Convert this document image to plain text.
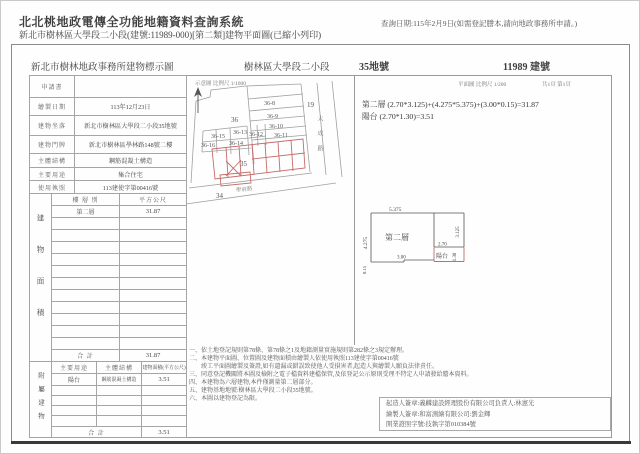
北北桃地政電傳全功能地籍資料查詢系統	查詢日期:115年2月9日(如需登記謄本,請向地政事務所申請。)
新北市樹林區大學段二小段(建號:11989-000)[第二類]建物平面圖(已縮小列印)
新北市樹林地政事務所建物標示圖	樹林區大學段二小段	35地號	11989 建號
示意圖 比例尺 1/1000	平面圖 比例尺 1/200	共1頁 第1頁
申請書	
繪製日期	113年12月23日
建物坐落	新北市樹林區大學段二小段35地號
建物門牌	新北市樹林區學林路148號二樓
主體結構	鋼筋混凝土構造
主要用途	集合住宅
使用執照	113建使字第00416號
建物面積	樓 層 別	平方公尺
	第二層	31.87

	合 計	31.87
附屬建物	主要用途	主體結構	建物面積(平方公尺)
	陽台	鋼筋混凝土構造	3.51

	合 計		3.51
19
36
36-8
36-9
36-10
36-11
36-12
36-13
36-14
36-15
36-16
35
34
大成路
學府路
第二層 (2.70*3.125)+(4.275*5.375)+(3.00*0.15)=31.87
陽台 (2.70*1.30)=3.51
5.375
4.275 第二層	3.125
2.70
陽台 1.30
3.00
0.15
一、依土地登記規則第78條、第78條之1及地籍測量實施規則第282條之3規定辦理。
二、本建物平面圖、位置圖及建物面積由繪製人依使用執照113建使字第00416號
　　竣工平面圖繪製及簽證,如有遺漏或錯誤致使他人受損害者,起造人與繪製人願負法律責任。
三、同意登記機關將本圖及檢附之電子檔資料建檔保管,及依登記公示原則受理不特定人申請發給謄本資料。
四、本建物為六層建物,本件僅測量第二層部分。
五、建物基地地號:樹林區大學段二小段35地號。
六、本圖以建物登記為限。
起造人簽章:義麟建設經理股份有限公司負責人:林憲光
繪製人簽章:和富測繪有限公司:劉金輝
開業證照字號:技執字第010384號
